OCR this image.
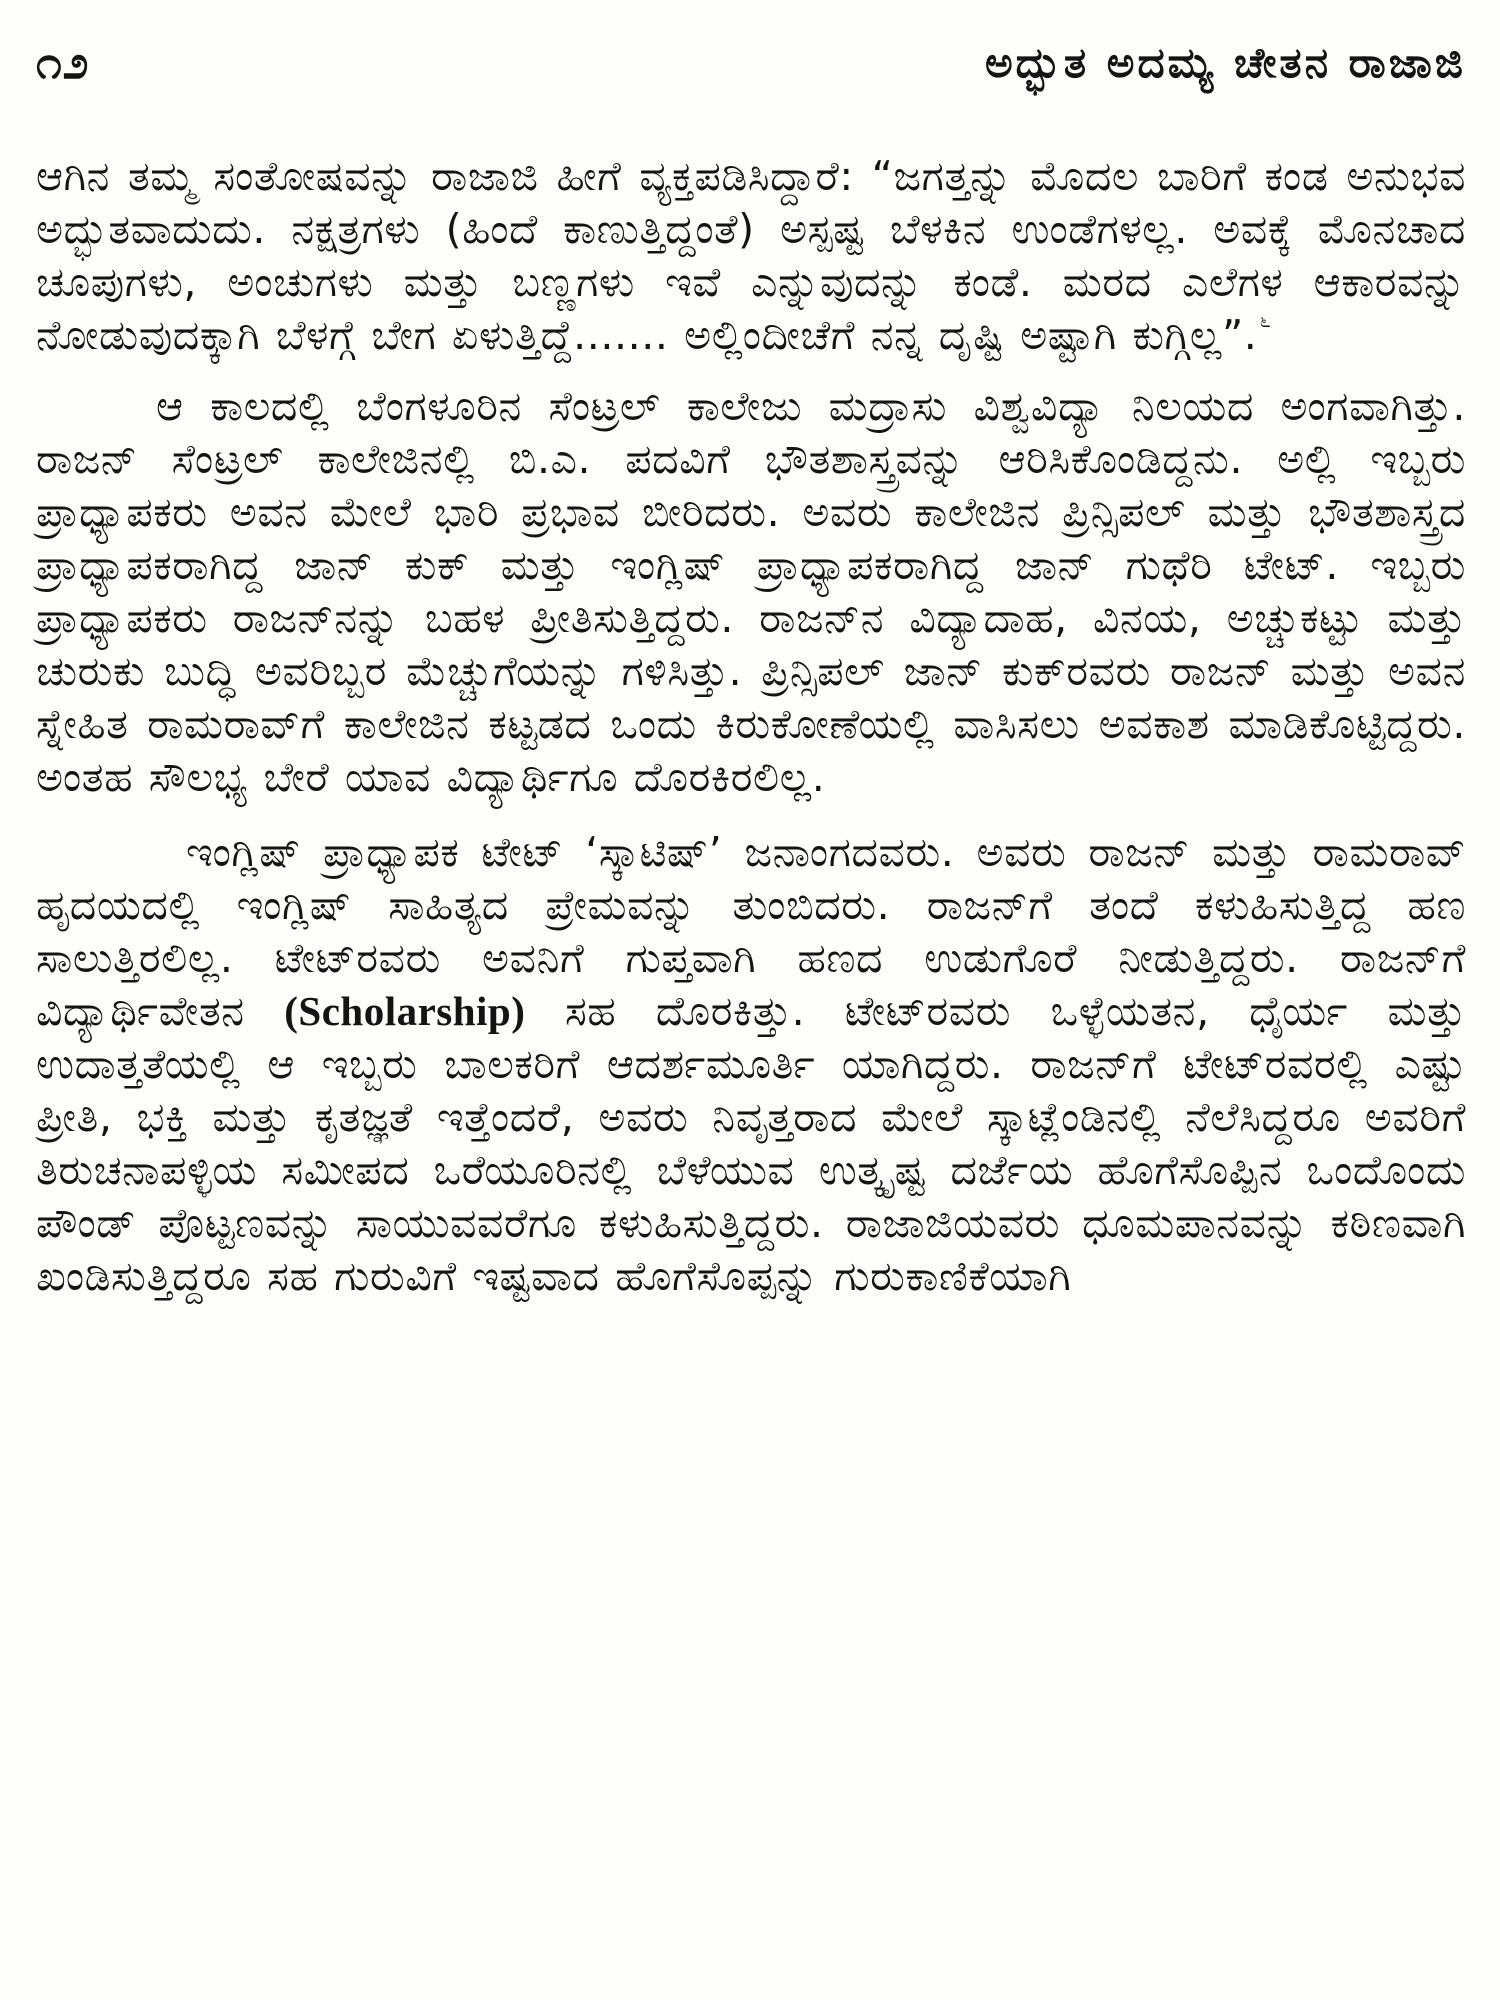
೧೨	ಅದ್ಭುತ ಅದಮ್ಯ ಚೇತನ ರಾಜಾಜಿ

ಆಗಿನ ತಮ್ಮ ಸಂತೋಷವನ್ನು ರಾಜಾಜಿ ಹೀಗೆ ವ್ಯಕ್ತಪಡಿಸಿದ್ದಾರೆ: “ಜಗತ್ತನ್ನು ಮೊದಲ ಬಾರಿಗೆ ಕಂಡ ಅನುಭವ ಅದ್ಭುತವಾದುದು. ನಕ್ಷತ್ರಗಳು (ಹಿಂದೆ ಕಾಣುತ್ತಿದ್ದಂತೆ) ಅಸ್ಪಷ್ಟ ಬೆಳಕಿನ ಉಂಡೆಗಳಲ್ಲ. ಅವಕ್ಕೆ ಮೊನಚಾದ ಚೂಪುಗಳು, ಅಂಚುಗಳು ಮತ್ತು ಬಣ್ಣಗಳು ಇವೆ ಎನ್ನುವುದನ್ನು ಕಂಡೆ. ಮರದ ಎಲೆಗಳ ಆಕಾರವನ್ನು ನೋಡುವುದಕ್ಕಾಗಿ ಬೆಳಗ್ಗೆ ಬೇಗ ಏಳುತ್ತಿದ್ದೆ....... ಅಲ್ಲಿಂದೀಚೆಗೆ ನನ್ನ ದೃಷ್ಟಿ ಅಷ್ಟಾಗಿ ಕುಗ್ಗಿಲ್ಲ”. $^೬$

ಆ ಕಾಲದಲ್ಲಿ ಬೆಂಗಳೂರಿನ ಸೆಂಟ್ರಲ್ ಕಾಲೇಜು ಮದ್ರಾಸು ವಿಶ್ವವಿದ್ಯಾ ನಿಲಯದ ಅಂಗವಾಗಿತ್ತು. ರಾಜನ್ ಸೆಂಟ್ರಲ್ ಕಾಲೇಜಿನಲ್ಲಿ ಬಿ.ಎ. ಪದವಿಗೆ ಭೌತಶಾಸ್ತ್ರವನ್ನು ಆರಿಸಿಕೊಂಡಿದ್ದನು. ಅಲ್ಲಿ ಇಬ್ಬರು ಪ್ರಾಧ್ಯಾಪಕರು ಅವನ ಮೇಲೆ ಭಾರಿ ಪ್ರಭಾವ ಬೀರಿದರು. ಅವರು ಕಾಲೇಜಿನ ಪ್ರಿನ್ಸಿಪಲ್ ಮತ್ತು ಭೌತಶಾಸ್ತ್ರದ ಪ್ರಾಧ್ಯಾಪಕರಾಗಿದ್ದ ಜಾನ್ ಕುಕ್ ಮತ್ತು ಇಂಗ್ಲಿಷ್ ಪ್ರಾಧ್ಯಾಪಕರಾಗಿದ್ದ ಜಾನ್ ಗುಥೆರಿ ಟೇಟ್. ಇಬ್ಬರು ಪ್ರಾಧ್ಯಾಪಕರು ರಾಜನ್‌ನನ್ನು ಬಹಳ ಪ್ರೀತಿಸುತ್ತಿದ್ದರು. ರಾಜನ್‌ನ ವಿದ್ಯಾದಾಹ, ವಿನಯ, ಅಚ್ಚುಕಟ್ಟು ಮತ್ತು ಚುರುಕು ಬುದ್ಧಿ ಅವರಿಬ್ಬರ ಮೆಚ್ಚುಗೆಯನ್ನು ಗಳಿಸಿತ್ತು. ಪ್ರಿನ್ಸಿಪಲ್ ಜಾನ್ ಕುಕ್‌ರವರು ರಾಜನ್ ಮತ್ತು ಅವನ ಸ್ನೇಹಿತ ರಾಮರಾವ್‌ಗೆ ಕಾಲೇಜಿನ ಕಟ್ಟಡದ ಒಂದು ಕಿರುಕೋಣೆಯಲ್ಲಿ ವಾಸಿಸಲು ಅವಕಾಶ ಮಾಡಿಕೊಟ್ಟಿದ್ದರು. ಅಂತಹ ಸೌಲಭ್ಯ ಬೇರೆ ಯಾವ ವಿದ್ಯಾರ್ಥಿಗೂ ದೊರಕಿರಲಿಲ್ಲ.

ಇಂಗ್ಲಿಷ್ ಪ್ರಾಧ್ಯಾಪಕ ಟೇಟ್ ‘ಸ್ಕಾಟಿಷ್’ ಜನಾಂಗದವರು. ಅವರು ರಾಜನ್ ಮತ್ತು ರಾಮರಾವ್ ಹೃದಯದಲ್ಲಿ ಇಂಗ್ಲಿಷ್ ಸಾಹಿತ್ಯದ ಪ್ರೇಮವನ್ನು ತುಂಬಿದರು. ರಾಜನ್‌ಗೆ ತಂದೆ ಕಳುಹಿಸುತ್ತಿದ್ದ ಹಣ ಸಾಲುತ್ತಿರಲಿಲ್ಲ. ಟೇಟ್‌ರವರು ಅವನಿಗೆ ಗುಪ್ತವಾಗಿ ಹಣದ ಉಡುಗೊರೆ ನೀಡುತ್ತಿದ್ದರು. ರಾಜನ್‌ಗೆ ವಿದ್ಯಾರ್ಥಿವೇತನ (Scholarship) ಸಹ ದೊರಕಿತ್ತು. ಟೇಟ್‌ರವರು ಒಳ್ಳೆಯತನ, ಧೈರ್ಯ ಮತ್ತು ಉದಾತ್ತತೆಯಲ್ಲಿ ಆ ಇಬ್ಬರು ಬಾಲಕರಿಗೆ ಆದರ್ಶಮೂರ್ತಿ ಯಾಗಿದ್ದರು. ರಾಜನ್‌ಗೆ ಟೇಟ್‌ರವರಲ್ಲಿ ಎಷ್ಟು ಪ್ರೀತಿ, ಭಕ್ತಿ ಮತ್ತು ಕೃತಜ್ಞತೆ ಇತ್ತೆಂದರೆ, ಅವರು ನಿವೃತ್ತರಾದ ಮೇಲೆ ಸ್ಕಾಟ್ಲೆಂಡಿನಲ್ಲಿ ನೆಲೆಸಿದ್ದರೂ ಅವರಿಗೆ ತಿರುಚನಾಪಳ್ಳಿಯ ಸಮೀಪದ ಒರೆಯೂರಿನಲ್ಲಿ ಬೆಳೆಯುವ ಉತ್ಕೃಷ್ಟ ದರ್ಜೆಯ ಹೊಗೆಸೊಪ್ಪಿನ ಒಂದೊಂದು ಪೌಂಡ್ ಪೊಟ್ಟಣವನ್ನು ಸಾಯುವವರೆಗೂ ಕಳುಹಿಸುತ್ತಿದ್ದರು. ರಾಜಾಜಿಯವರು ಧೂಮಪಾನವನ್ನು ಕಠಿಣವಾಗಿ ಖಂಡಿಸುತ್ತಿದ್ದರೂ ಸಹ ಗುರುವಿಗೆ ಇಷ್ಟವಾದ ಹೊಗೆಸೊಪ್ಪನ್ನು ಗುರುಕಾಣಿಕೆಯಾಗಿ
